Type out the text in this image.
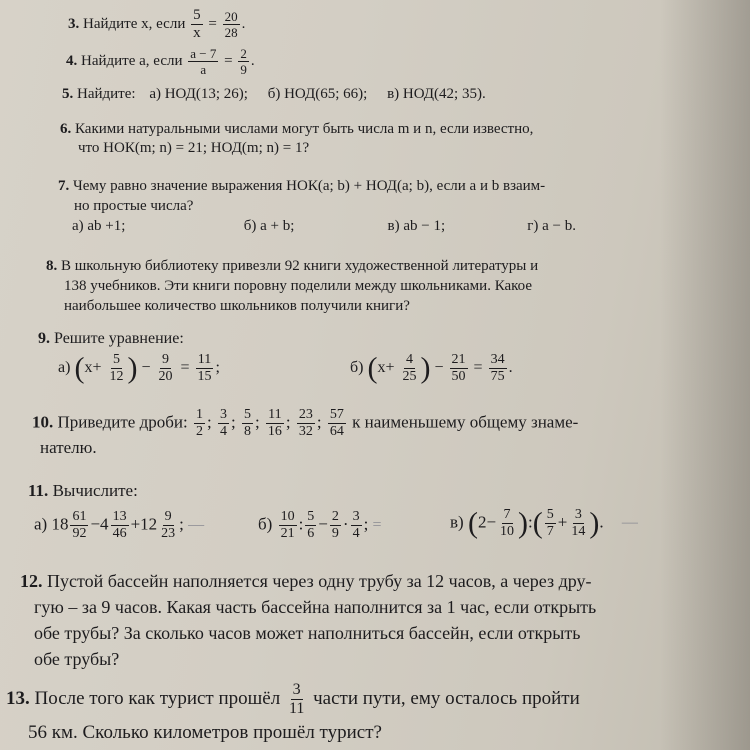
3. Найдите x, если $\frac{5}{x} = \frac{20}{28}$ .
4. Найдите a, если $\frac{a - 7}{a} = \frac{2}{9}$ .
5. Найдите: а) НОД(13; 26); б) НОД(65; 66); в) НОД(42; 35).
6. Какими натуральными числами могут быть числа m и n, если известно,
что НОК(m; n) = 21; НОД(m; n) = 1?
7. Чему равно значение выражения НОК(a; b) + НОД(a; b), если a и b взаим-
но простые числа?
а) ab +1;	б) a + b;	в) ab − 1;	г) a − b.
8. В школьную библиотеку привезли 92 книги художественной литературы и
138 учебников. Эти книги поровну поделили между школьниками. Какое
наибольшее количество школьников получили книги?
9. Решите уравнение:
а) ($x+ \frac{5}{12}$ ) − $\frac{9}{20} = \frac{11}{15}$ ;	б) ($x+ \frac{4}{25}$ ) − $\frac{21}{50} = \frac{34}{75}$ .
10. Приведите дроби: $\frac{1}{2}$ ; $\frac{3}{4}$ ; $\frac{5}{8}$ ; $\frac{11}{16}$ ; $\frac{23}{32}$ ; $\frac{57}{64}$ к наименьшему общему знаме-
нателю.
11. Вычислите:
а) $18 \frac{61}{92} -4 \frac{13}{46} +12 \frac{9}{23}$ ; —	$б) \frac{10}{21}$ : $\frac{5}{6} - \frac{2}{9} \cdot \frac{3}{4}$ ; =	в) ($2- \frac{7}{10}$ ):( $\frac{5}{7} + \frac{3}{14}$ ). —
12. Пустой бассейн наполняется через одну трубу за 12 часов, а через дру-
гую – за 9 часов. Какая часть бассейна наполнится за 1 час, если открыть
обе трубы? За сколько часов может наполниться бассейн, если открыть
обе трубы?
13. После того как турист прошёл $\frac{3}{11}$ части пути, ему осталось пройти
56 км. Сколько километров прошёл турист?
